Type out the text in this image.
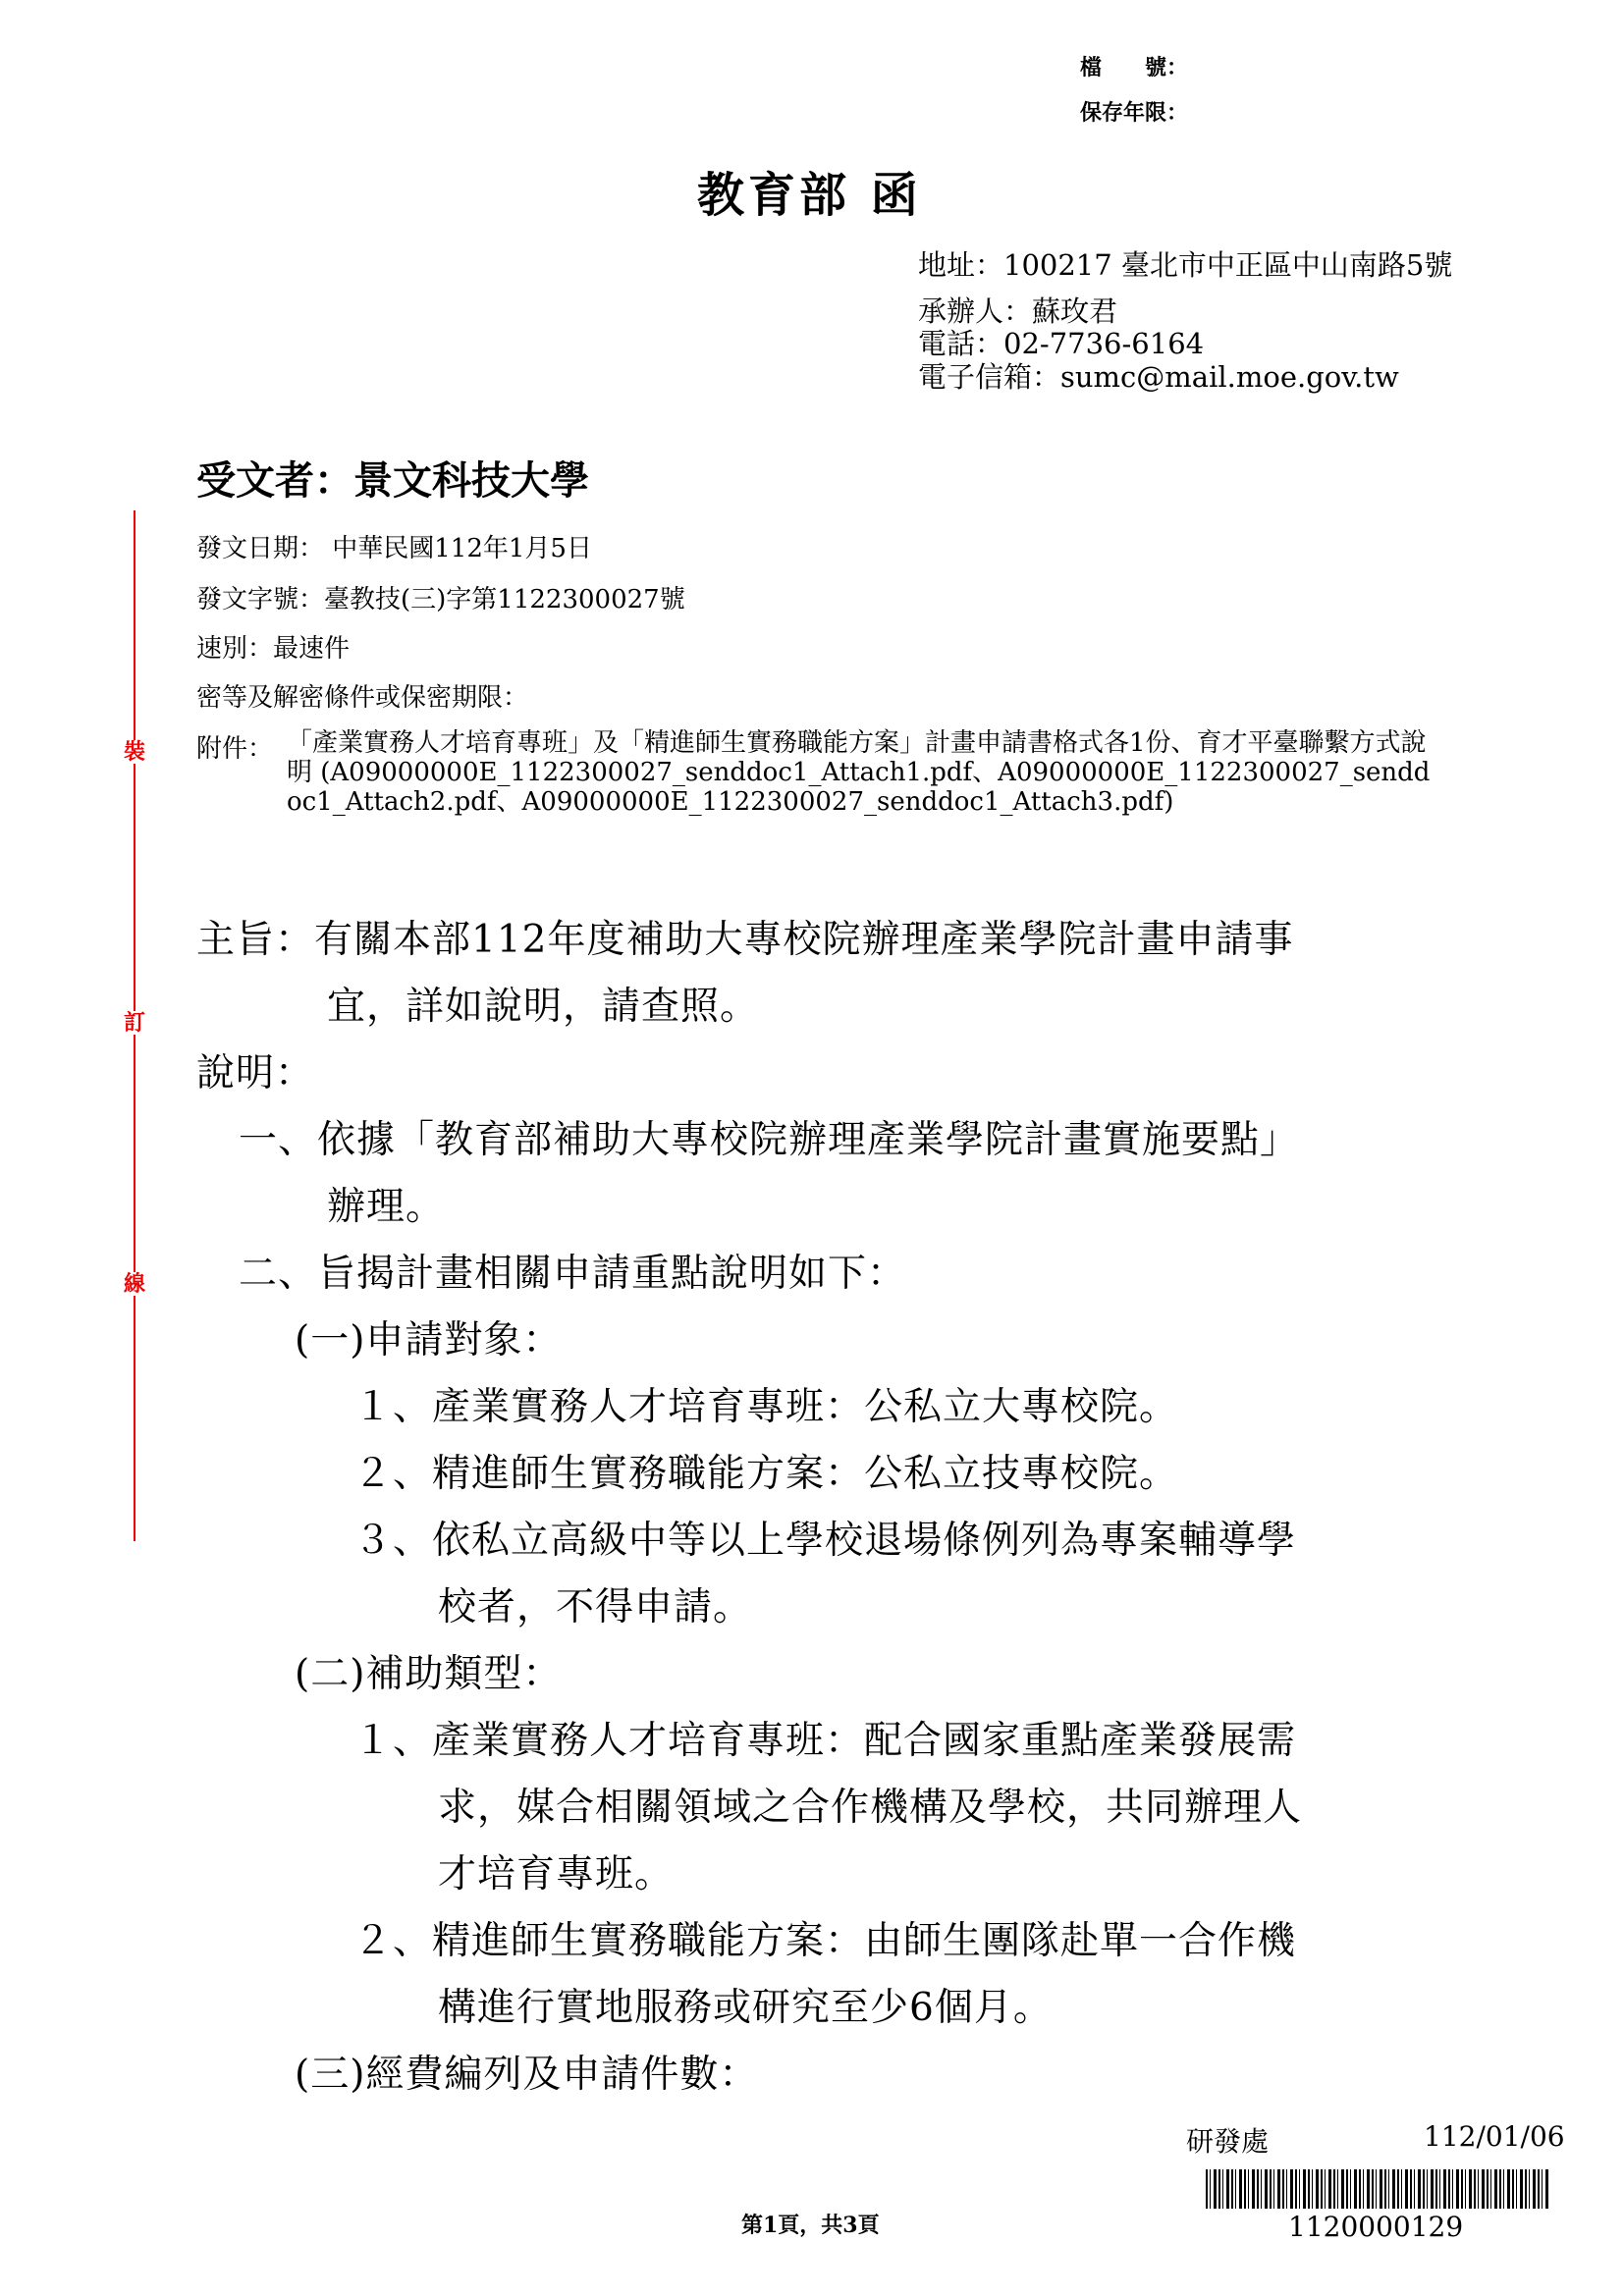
檔　　號：
保存年限：
教育部 函
地址：100217 臺北市中正區中山南路5號
承辦人：蘇玫君
電話：02-7736-6164
電子信箱：sumc@mail.moe.gov.tw
受文者：景文科技大學
裝
訂
線
發文日期： 中華民國112年1月5日
發文字號：臺教技(三)字第1122300027號
速別：最速件
密等及解密條件或保密期限：
附件： 「產業實務人才培育專班」及「精進師生實務職能方案」計畫申請書格式各1份、育才平臺聯繫方式說明 (A09000000E_1122300027_senddoc1_Attach1.pdf、A09000000E_1122300027_senddoc1_Attach2.pdf、A09000000E_1122300027_senddoc1_Attach3.pdf)
主旨：有關本部112年度補助大專校院辦理產業學院計畫申請事
宜，詳如說明，請查照。
說明：
一、依據「教育部補助大專校院辦理產業學院計畫實施要點」
辦理。
二、旨揭計畫相關申請重點說明如下：
(一)申請對象：
１、產業實務人才培育專班：公私立大專校院。
２、精進師生實務職能方案：公私立技專校院。
３、依私立高級中等以上學校退場條例列為專案輔導學
校者，不得申請。
(二)補助類型：
１、產業實務人才培育專班：配合國家重點產業發展需
求，媒合相關領域之合作機構及學校，共同辦理人
才培育專班。
２、精進師生實務職能方案：由師生團隊赴單一合作機
構進行實地服務或研究至少6個月。
(三)經費編列及申請件數：
第1頁，共3頁
研發處	112/01/06
1120000129
